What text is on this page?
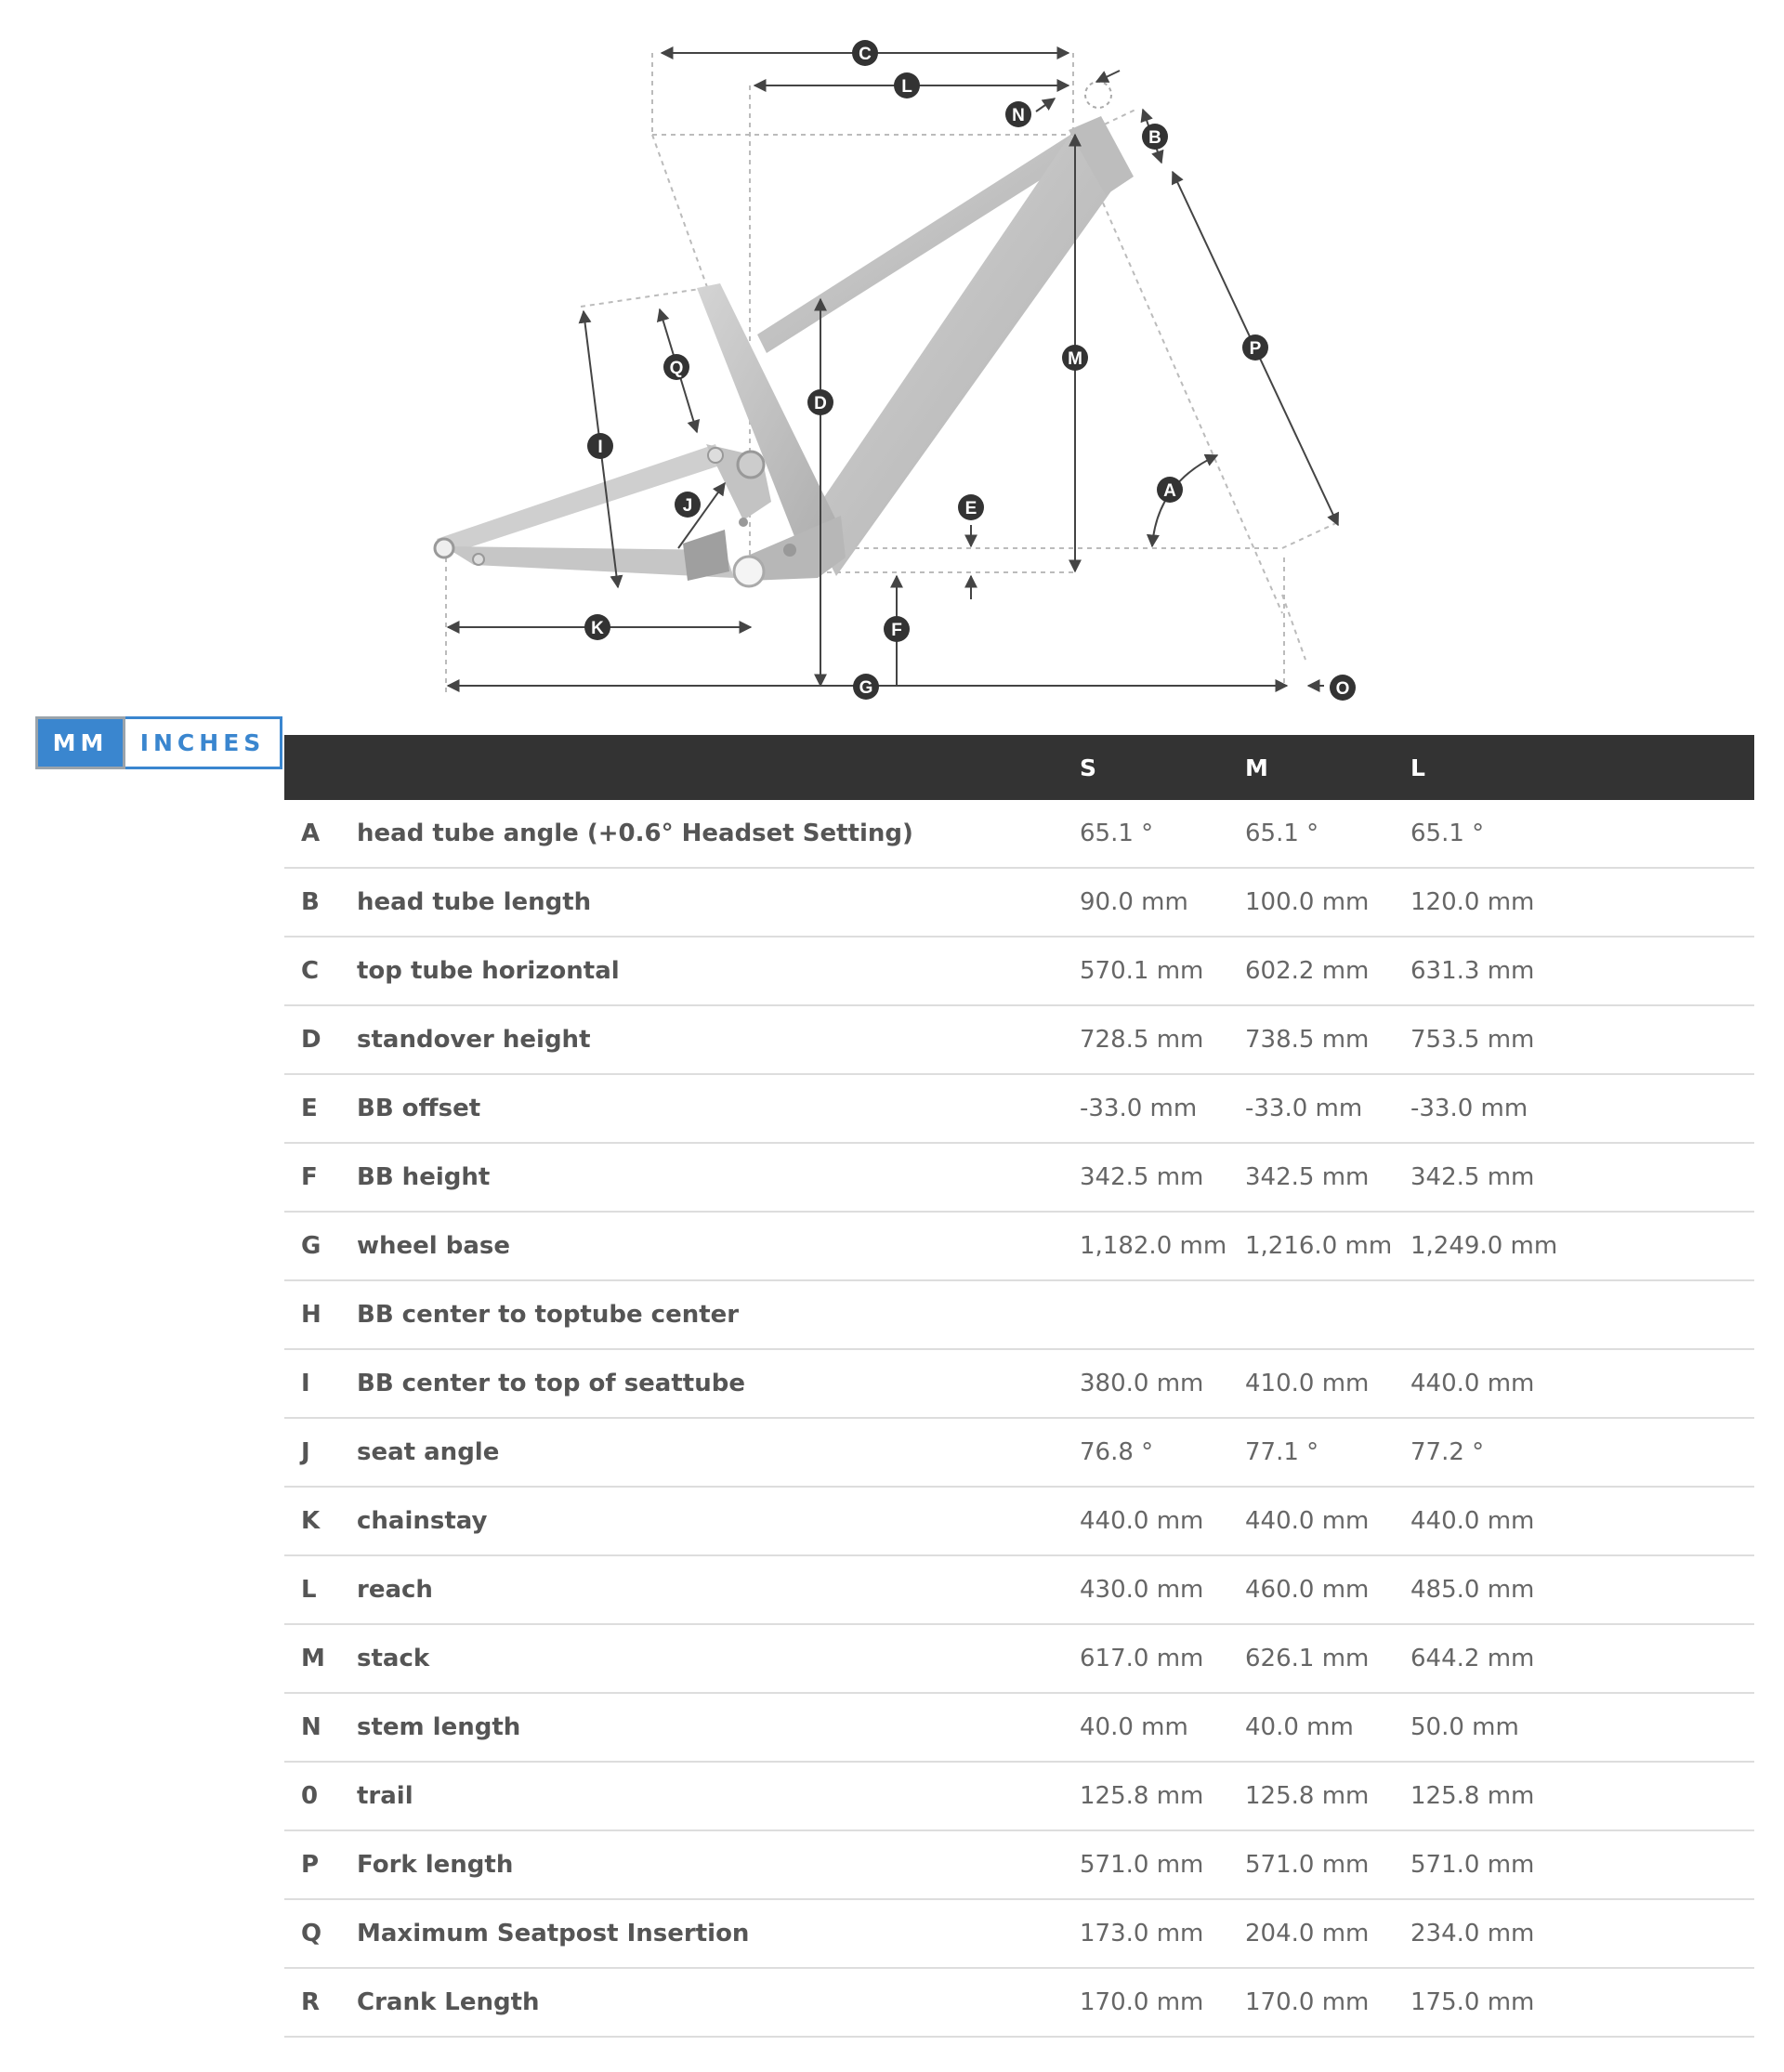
A
B
C
D
E
F
G
I
J
K
L
M
N
O
P
Q
MM	INCHES
		S	M	L
A	head tube angle (+0.6° Headset Setting)	65.1 °	65.1 °	65.1 °
B	head tube length	90.0 mm	100.0 mm	120.0 mm
C	top tube horizontal	570.1 mm	602.2 mm	631.3 mm
D	standover height	728.5 mm	738.5 mm	753.5 mm
E	BB offset	-33.0 mm	-33.0 mm	-33.0 mm
F	BB height	342.5 mm	342.5 mm	342.5 mm
G	wheel base	1,182.0 mm	1,216.0 mm	1,249.0 mm
H	BB center to toptube center			
I	BB center to top of seattube	380.0 mm	410.0 mm	440.0 mm
J	seat angle	76.8 °	77.1 °	77.2 °
K	chainstay	440.0 mm	440.0 mm	440.0 mm
L	reach	430.0 mm	460.0 mm	485.0 mm
M	stack	617.0 mm	626.1 mm	644.2 mm
N	stem length	40.0 mm	40.0 mm	50.0 mm
0	trail	125.8 mm	125.8 mm	125.8 mm
P	Fork length	571.0 mm	571.0 mm	571.0 mm
Q	Maximum Seatpost Insertion	173.0 mm	204.0 mm	234.0 mm
R	Crank Length	170.0 mm	170.0 mm	175.0 mm
